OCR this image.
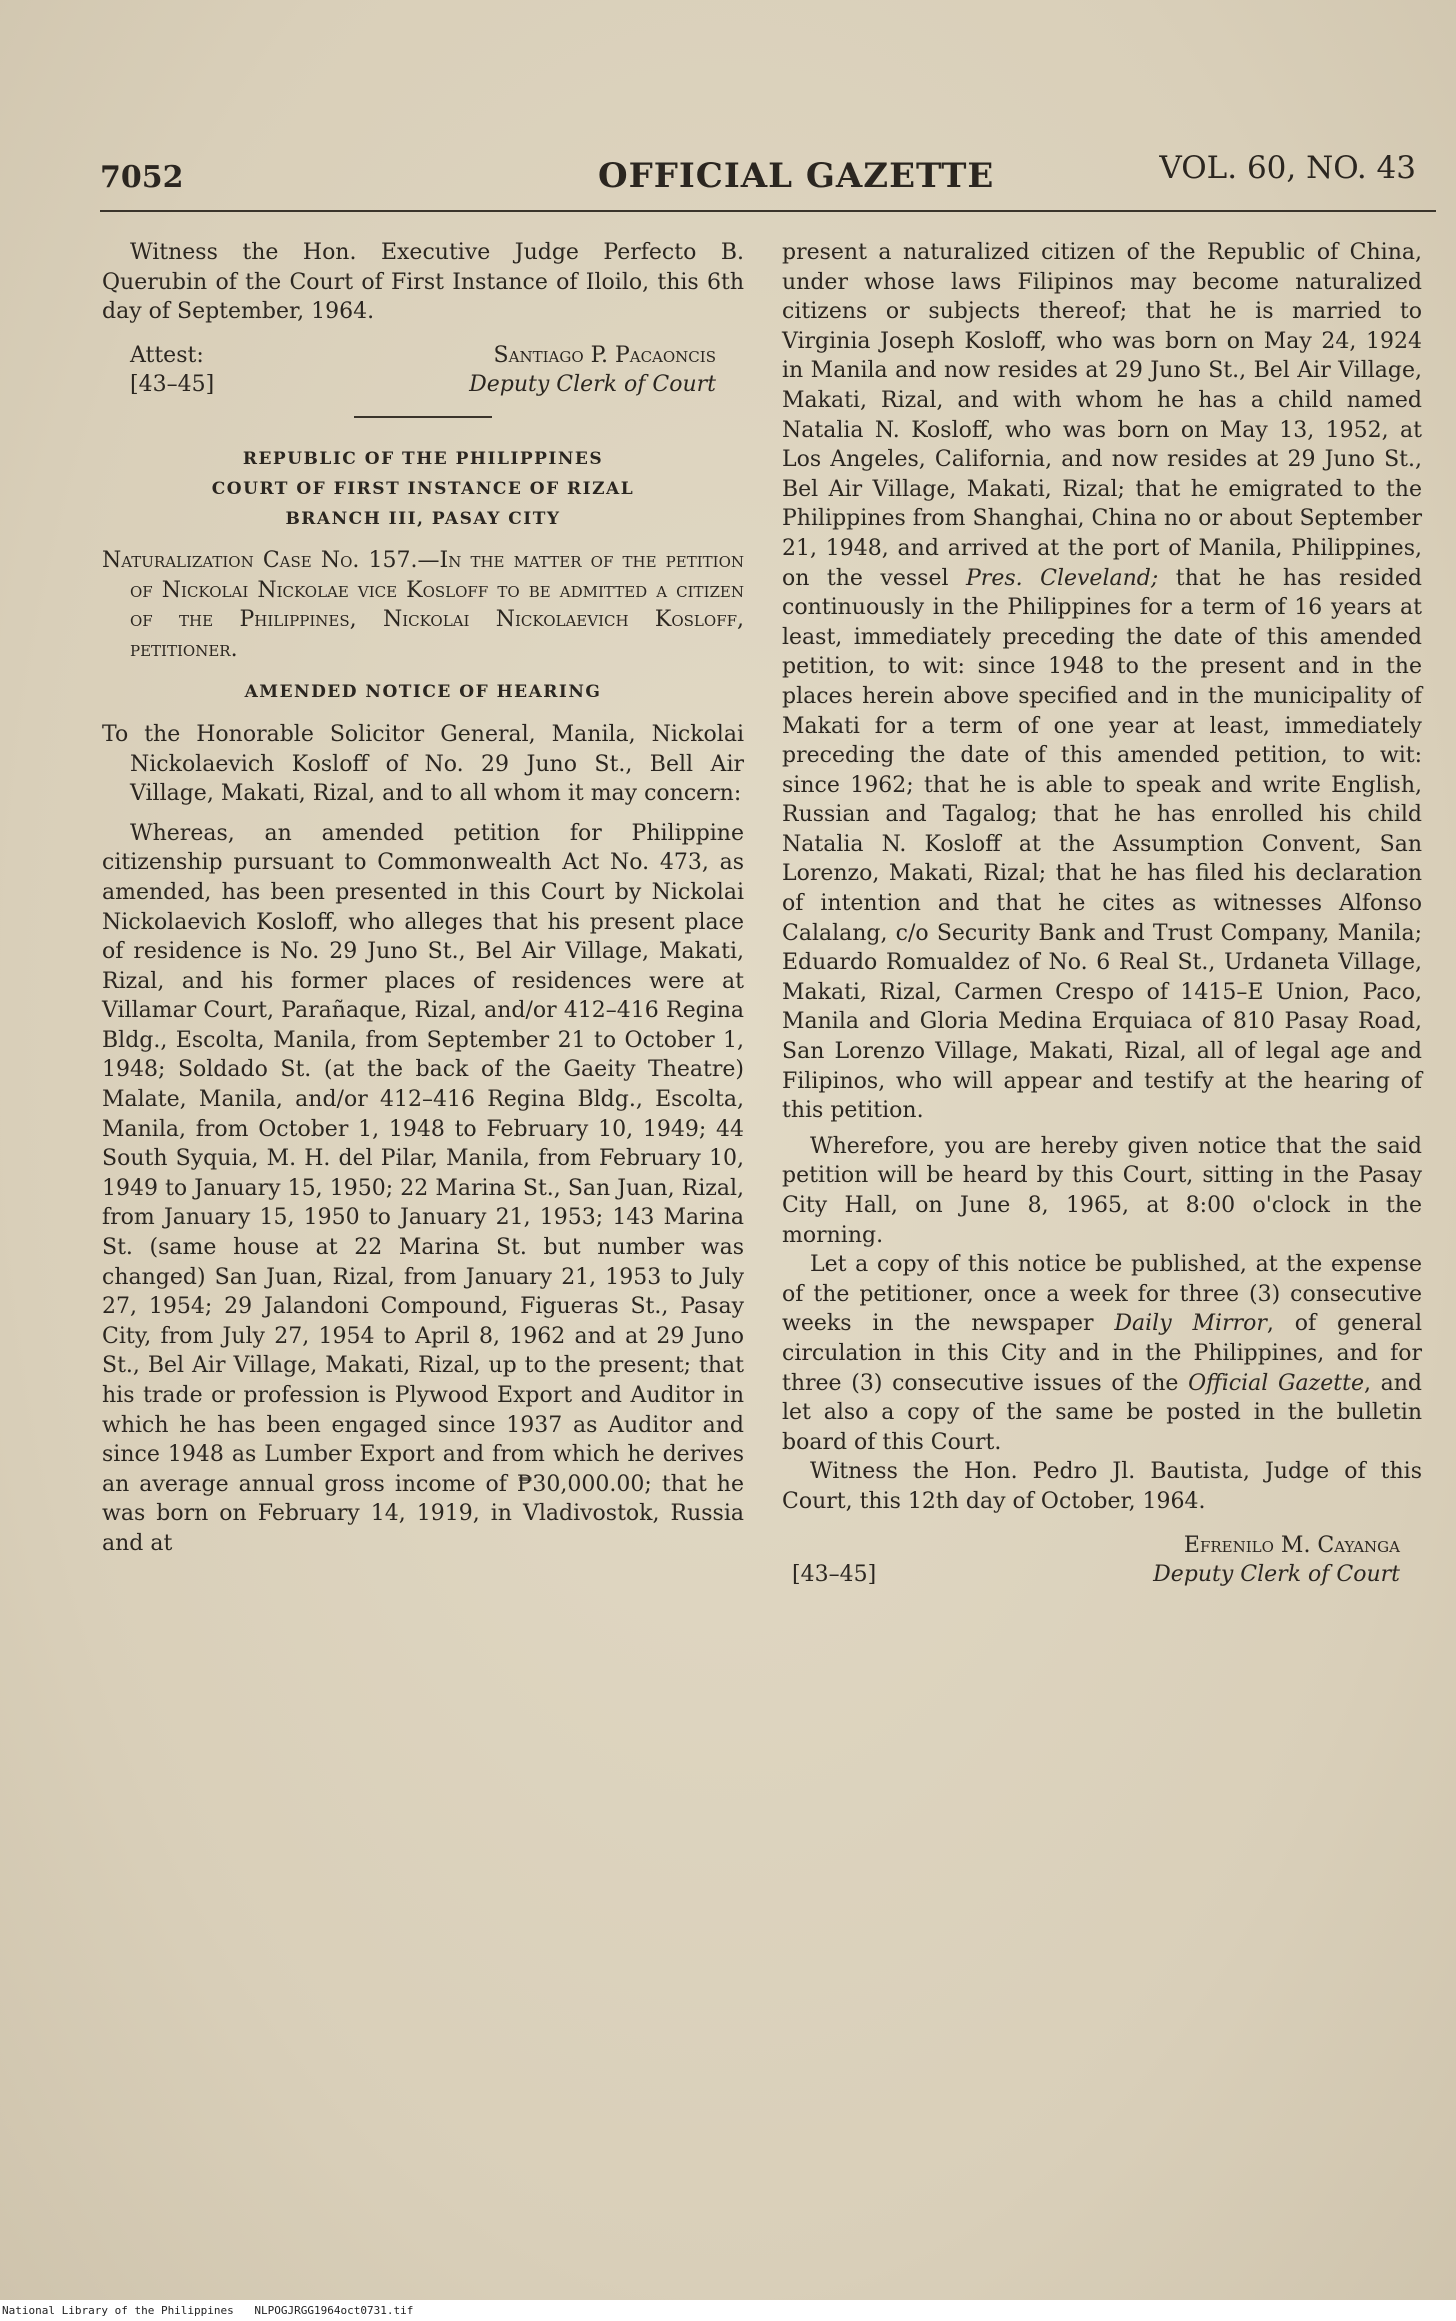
7052	OFFICIAL GAZETTE	VOL. 60, NO. 43

Witness the Hon. Executive Judge Perfecto B. Querubin of the Court of First Instance of Iloilo, this 6th day of September, 1964.

Attest:
[43–45]
Santiago P. Pacaoncis
Deputy Clerk of Court
REPUBLIC OF THE PHILIPPINES
COURT OF FIRST INSTANCE OF RIZAL
BRANCH III, PASAY CITY

Naturalization Case No. 157.—In the matter of the petition of Nickolai Nickolae vice Kosloff to be admitted a citizen of the Philippines, Nickolai Nickolaevich Kosloff, petitioner.

AMENDED NOTICE OF HEARING

To the Honorable Solicitor General, Manila, Nickolai Nickolaevich Kosloff of No. 29 Juno St., Bell Air Village, Makati, Rizal, and to all whom it may concern:

Whereas, an amended petition for Philippine citizenship pursuant to Commonwealth Act No. 473, as amended, has been presented in this Court by Nickolai Nickolaevich Kosloff, who alleges that his present place of residence is No. 29 Juno St., Bel Air Village, Makati, Rizal, and his former places of residences were at Villamar Court, Parañaque, Rizal, and/or 412–416 Regina Bldg., Escolta, Manila, from September 21 to October 1, 1948; Soldado St. (at the back of the Gaeity Theatre) Malate, Manila, and/or 412–416 Regina Bldg., Escolta, Manila, from October 1, 1948 to February 10, 1949; 44 South Syquia, M. H. del Pilar, Manila, from February 10, 1949 to January 15, 1950; 22 Marina St., San Juan, Rizal, from January 15, 1950 to January 21, 1953; 143 Marina St. (same house at 22 Marina St. but number was changed) San Juan, Rizal, from January 21, 1953 to July 27, 1954; 29 Jalandoni Compound, Figueras St., Pasay City, from July 27, 1954 to April 8, 1962 and at 29 Juno St., Bel Air Village, Makati, Rizal, up to the present; that his trade or profession is Plywood Export and Auditor in which he has been engaged since 1937 as Auditor and since 1948 as Lumber Export and from which he derives an average annual gross income of ₱30,000.00; that he was born on February 14, 1919, in Vladivostok, Russia and at

present a naturalized citizen of the Republic of China, under whose laws Filipinos may become naturalized citizens or subjects thereof; that he is married to Virginia Joseph Kosloff, who was born on May 24, 1924 in Manila and now resides at 29 Juno St., Bel Air Village, Makati, Rizal, and with whom he has a child named Natalia N. Kosloff, who was born on May 13, 1952, at Los Angeles, California, and now resides at 29 Juno St., Bel Air Village, Makati, Rizal; that he emigrated to the Philippines from Shanghai, China no or about September 21, 1948, and arrived at the port of Manila, Philippines, on the vessel Pres. Cleveland; that he has resided continuously in the Philippines for a term of 16 years at least, immediately preceding the date of this amended petition, to wit: since 1948 to the present and in the places herein above specified and in the municipality of Makati for a term of one year at least, immediately preceding the date of this amended petition, to wit: since 1962; that he is able to speak and write English, Russian and Tagalog; that he has enrolled his child Natalia N. Kosloff at the Assumption Convent, San Lorenzo, Makati, Rizal; that he has filed his declaration of intention and that he cites as witnesses Alfonso Calalang, c/o Security Bank and Trust Company, Manila; Eduardo Romualdez of No. 6 Real St., Urdaneta Village, Makati, Rizal, Carmen Crespo of 1415–E Union, Paco, Manila and Gloria Medina Erquiaca of 810 Pasay Road, San Lorenzo Village, Makati, Rizal, all of legal age and Filipinos, who will appear and testify at the hearing of this petition.

Wherefore, you are hereby given notice that the said petition will be heard by this Court, sitting in the Pasay City Hall, on June 8, 1965, at 8:00 o'clock in the morning.

Let a copy of this notice be published, at the expense of the petitioner, once a week for three (3) consecutive weeks in the newspaper Daily Mirror, of general circulation in this City and in the Philippines, and for three (3) consecutive issues of the Official Gazette, and let also a copy of the same be posted in the bulletin board of this Court.

Witness the Hon. Pedro Jl. Bautista, Judge of this Court, this 12th day of October, 1964.

[43–45]
Efrenilo M. Cayanga
Deputy Clerk of Court
National Library of the Philippines NLPOGJRGG1964oct0731.tif
